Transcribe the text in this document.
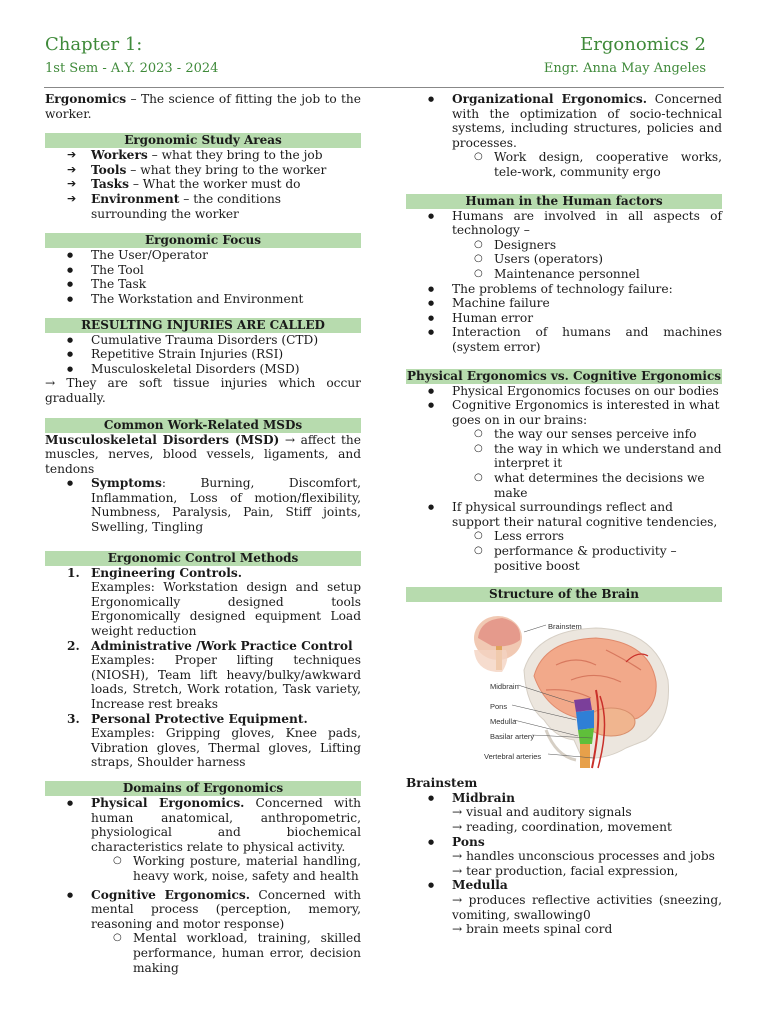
Chapter 1:
1st Sem - A.Y. 2023 - 2024
Ergonomics 2
Engr. Anna May Angeles

Ergonomics – The science of fitting the job to the worker.

Ergonomic Study Areas
➔ Workers – what they bring to the job
➔ Tools – what they bring to the worker
➔ Tasks – What the worker must do
➔ Environment – the conditions surrounding the worker
Ergonomic Focus
● The User/Operator
● The Tool
● The Task
● The Workstation and Environment
RESULTING INJURIES ARE CALLED
● Cumulative Trauma Disorders (CTD)
● Repetitive Strain Injuries (RSI)
● Musculoskeletal Disorders (MSD)

→ They are soft tissue injuries which occur gradually.

Common Work-Related MSDs

Musculoskeletal Disorders (MSD) → affect the muscles, nerves, blood vessels, ligaments, and tendons

● Symptoms: Burning, Discomfort, Inflammation, Loss of motion/flexibility, Numbness, Paralysis, Pain, Stiff joints, Swelling, Tingling
Ergonomic Control Methods
1. Engineering Controls.
Examples: Workstation design and setup Ergonomically designed tools Ergonomically designed equipment Load weight reduction
2. Administrative /Work Practice Control
Examples: Proper lifting techniques (NIOSH), Team lift heavy/bulky/awkward loads, Stretch, Work rotation, Task variety, Increase rest breaks
3. Personal Protective Equipment.
Examples: Gripping gloves, Knee pads, Vibration gloves, Thermal gloves, Lifting straps, Shoulder harness
Domains of Ergonomics
● Physical Ergonomics. Concerned with human anatomical, anthropometric, physiological and biochemical characteristics relate to physical activity.
○ Working posture, material handling, heavy work, noise, safety and health
● Cognitive Ergonomics. Concerned with mental process (perception, memory, reasoning and motor response)
○ Mental workload, training, skilled performance, human error, decision making
● Organizational Ergonomics. Concerned with the optimization of socio-technical systems, including structures, policies and processes.
○ Work design, cooperative works, tele-work, community ergo
Human in the Human factors
● Humans are involved in all aspects of technology –
○ Designers
○ Users (operators)
○ Maintenance personnel
● The problems of technology failure:
● Machine failure
● Human error
● Interaction of humans and machines (system error)
Physical Ergonomics vs. Cognitive Ergonomics
● Physical Ergonomics focuses on our bodies
● Cognitive Ergonomics is interested in what goes on in our brains:
○ the way our senses perceive info
○ the way in which we understand and interpret it
○ what determines the decisions we make
● If physical surroundings reflect and support their natural cognitive tendencies,
○ Less errors
○ performance & productivity – positive boost
Structure of the Brain
Brainstem
Midbrain
Pons
Medulla
Basilar artery
Vertebral arteries

Brainstem

● Midbrain
→ visual and auditory signals
→ reading, coordination, movement
● Pons
→ handles unconscious processes and jobs
→ tear production, facial expression,
● Medulla
→ produces reflective activities (sneezing, vomiting, swallowing0
→ brain meets spinal cord
